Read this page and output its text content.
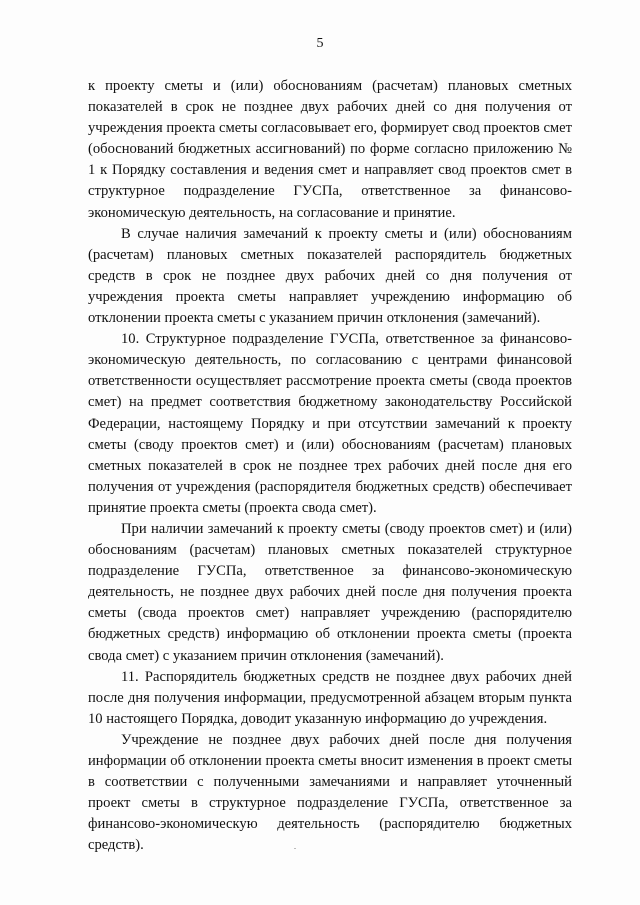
5

к проекту сметы и (или) обоснованиям (расчетам) плановых сметных показателей в срок не позднее двух рабочих дней со дня получения от учреждения проекта сметы согласовывает его, формирует свод проектов смет (обоснований бюджетных ассигнований) по форме согласно приложению № 1 к Порядку составления и ведения смет и направляет свод проектов смет в структурное подразделение ГУСПа, ответственное за финансово-экономическую деятельность, на согласование и принятие.

В случае наличия замечаний к проекту сметы и (или) обоснованиям (расчетам) плановых сметных показателей распорядитель бюджетных средств в срок не позднее двух рабочих дней со дня получения от учреждения проекта сметы направляет учреждению информацию об отклонении проекта сметы с указанием причин отклонения (замечаний).

10. Структурное подразделение ГУСПа, ответственное за финансово-экономическую деятельность, по согласованию с центрами финансовой ответственности осуществляет рассмотрение проекта сметы (свода проектов смет) на предмет соответствия бюджетному законодательству Российской Федерации, настоящему Порядку и при отсутствии замечаний к проекту сметы (своду проектов смет) и (или) обоснованиям (расчетам) плановых сметных показателей в срок не позднее трех рабочих дней после дня его получения от учреждения (распорядителя бюджетных средств) обеспечивает принятие проекта сметы (проекта свода смет).

При наличии замечаний к проекту сметы (своду проектов смет) и (или) обоснованиям (расчетам) плановых сметных показателей структурное подразделение ГУСПа, ответственное за финансово-экономическую деятельность, не позднее двух рабочих дней после дня получения проекта сметы (свода проектов смет) направляет учреждению (распорядителю бюджетных средств) информацию об отклонении проекта сметы (проекта свода смет) с указанием причин отклонения (замечаний).

11. Распорядитель бюджетных средств не позднее двух рабочих дней после дня получения информации, предусмотренной абзацем вторым пункта 10 настоящего Порядка, доводит указанную информацию до учреждения.

Учреждение не позднее двух рабочих дней после дня получения информации об отклонении проекта сметы вносит изменения в проект сметы в соответствии с полученными замечаниями и направляет уточненный проект сметы в структурное подразделение ГУСПа, ответственное за финансово-экономическую деятельность (распорядителю бюджетных средств).
